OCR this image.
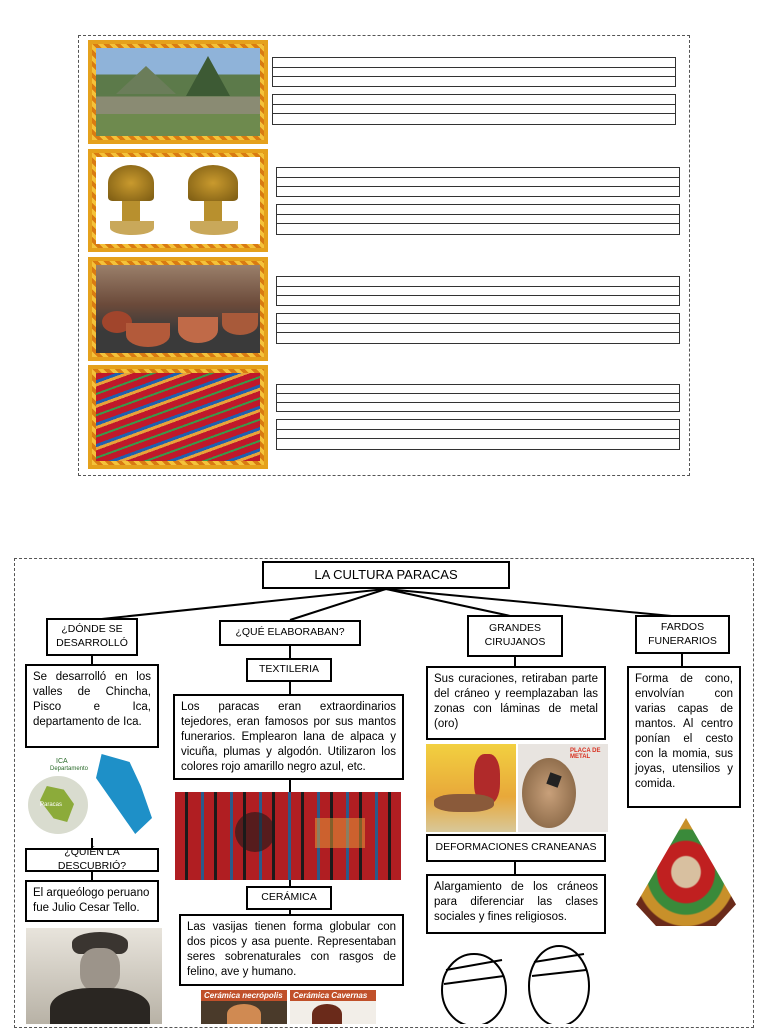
LA CULTURA PARACAS
¿DÓNDE SE DESARROLLÓ
Se desarrolló en los valles de Chincha, Pisco e Ica, departamento de Ica.
ICA
Departamento
Paracas
¿QUIÉN LA DESCUBRIÓ?
El arqueólogo peruano fue Julio Cesar Tello.
¿QUÉ ELABORABAN?
TEXTILERIA
Los paracas eran extraordinarios tejedores, eran famosos por sus mantos funerarios. Emplearon lana de alpaca y vicuña, plumas y algodón. Utilizaron los colores rojo amarillo negro azul, etc.
CERÁMICA
Las vasijas tienen forma globular con dos picos y asa puente. Representaban seres sobrenaturales con rasgos de felino, ave y humano.
Cerámica necrópolis	Cerámica Cavernas
GRANDES CIRUJANOS
Sus curaciones, retiraban parte del cráneo y reemplazaban las zonas con láminas de metal (oro)
PLACA DE METAL
DEFORMACIONES CRANEANAS
Alargamiento de los cráneos para diferenciar las clases sociales y fines religiosos.
FARDOS FUNERARIOS
Forma de cono, envolvían con varias capas de mantos. Al centro ponían el cesto con la momia, sus joyas, utensilios y comida.
